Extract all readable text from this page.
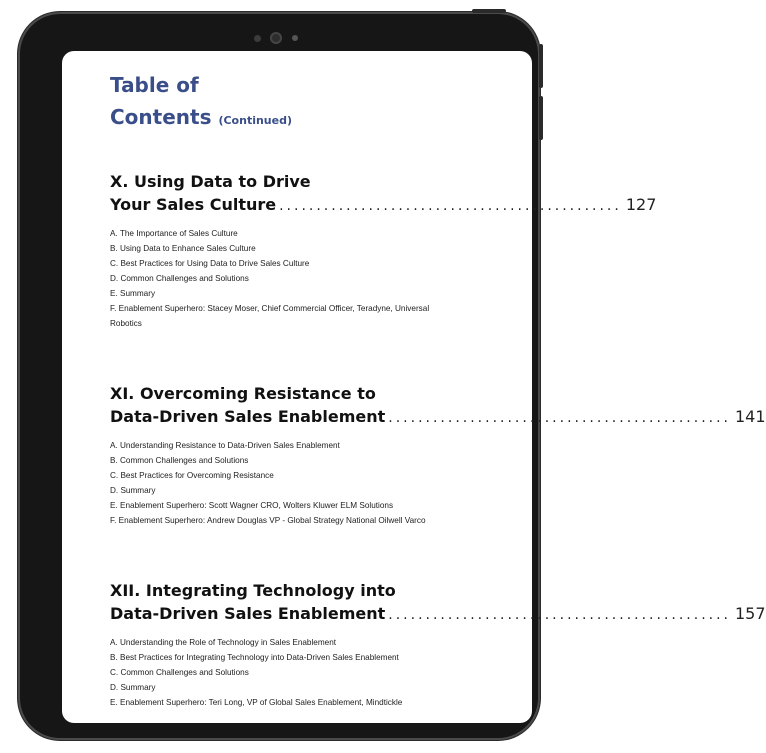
Table of
Contents (Continued)
X. Using Data to Drive
Your Sales Culture .............................................. 127
A. The Importance of Sales Culture
B. Using Data to Enhance Sales Culture
C. Best Practices for Using Data to Drive Sales Culture
D. Common Challenges and Solutions
E. Summary
F. Enablement Superhero: Stacey Moser, Chief Commercial Officer, Teradyne, Universal
Robotics
XI. Overcoming Resistance to
Data-Driven Sales Enablement .............................................. 141
A. Understanding Resistance to Data-Driven Sales Enablement
B. Common Challenges and Solutions
C. Best Practices for Overcoming Resistance
D. Summary
E. Enablement Superhero: Scott Wagner CRO, Wolters Kluwer ELM Solutions
F. Enablement Superhero: Andrew Douglas VP - Global Strategy National Oilwell Varco
XII. Integrating Technology into
Data-Driven Sales Enablement .............................................. 157
A. Understanding the Role of Technology in Sales Enablement
B. Best Practices for Integrating Technology into Data-Driven Sales Enablement
C. Common Challenges and Solutions
D. Summary
E. Enablement Superhero: Teri Long, VP of Global Sales Enablement, Mindtickle
